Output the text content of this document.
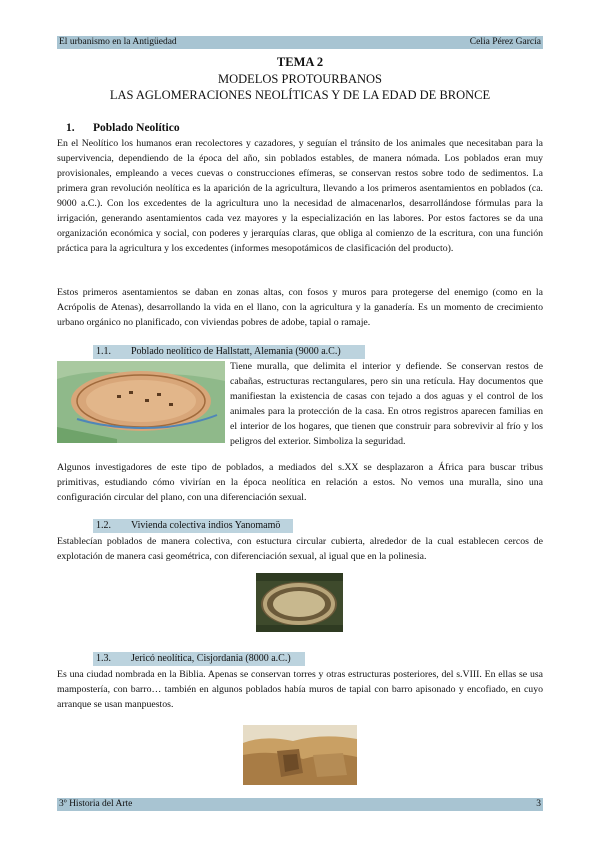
El urbanismo en la Antigüedad	Celia Pérez García
TEMA 2
MODELOS PROTOURBANOS
LAS AGLOMERACIONES NEOLÍTICAS Y DE LA EDAD DE BRONCE
1. Poblado Neolítico

En el Neolítico los humanos eran recolectores y cazadores, y seguían el tránsito de los animales que necesitaban para la supervivencia, dependiendo de la época del año, sin poblados estables, de manera nómada. Los poblados eran muy provisionales, empleando a veces cuevas o construcciones efímeras, se conservan restos sobre todo de sedimentos. La primera gran revolución neolítica es la aparición de la agricultura, llevando a los primeros asentamientos en poblados (ca. 9000 a.C.). Con los excedentes de la agricultura uno la necesidad de almacenarlos, desarrollándose fórmulas para la irrigación, generando asentamientos cada vez mayores y la especialización en las labores. Por estos factores se da una organización económica y social, con poderes y jerarquías claras, que obliga al comienzo de la escritura, con una función práctica para la agricultura y los excedentes (informes mesopotámicos de clasificación del producto).

Estos primeros asentamientos se daban en zonas altas, con fosos y muros para protegerse del enemigo (como en la Acrópolis de Atenas), desarrollando la vida en el llano, con la agricultura y la ganadería. Es un momento de crecimiento urbano orgánico no planificado, con viviendas pobres de adobe, tapial o ramaje.

1.1. Poblado neolítico de Hallstatt, Alemania (9000 a.C.)

Tiene muralla, que delimita el interior y defiende. Se conservan restos de cabañas, estructuras rectangulares, pero sin una retícula. Hay documentos que manifiestan la existencia de casas con tejado a dos aguas y el control de los animales para la protección de la casa. En otros registros aparecen familias en el interior de los hogares, que tienen que construir para sobrevivir al frío y los peligros del exterior. Simboliza la seguridad.

Algunos investigadores de este tipo de poblados, a mediados del s.XX se desplazaron a África para buscar tribus primitivas, estudiando cómo vivirían en la época neolítica en relación a estos. No vemos una muralla, sino una configuración circular del plano, con una diferenciación sexual.

1.2. Vivienda colectiva indios Yanomamö

Establecían poblados de manera colectiva, con estuctura circular cubierta, alrededor de la cual establecen cercos de explotación de manera casi geométrica, con diferenciación sexual, al igual que en la polinesia.

1.3. Jericó neolítica, Cisjordania (8000 a.C.)

Es una ciudad nombrada en la Biblia. Apenas se conservan torres y otras estructuras posteriores, del s.VIII. En ellas se usa mampostería, con barro… también en algunos poblados había muros de tapial con barro apisonado y encofiado, en cuyo arranque se usan manpuestos.

3º Historia del Arte	3
